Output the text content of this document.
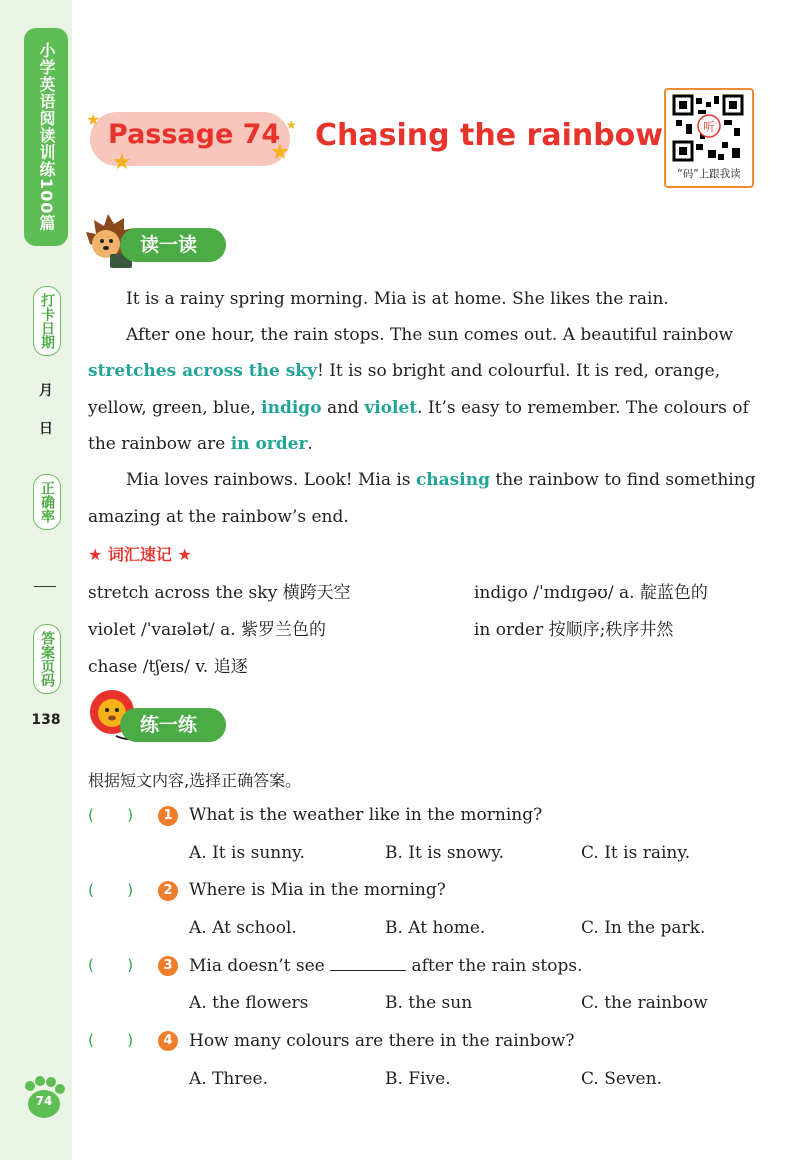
小学英语阅读训练100篇
打卡日期
月
日
正确率
答案页码
138
★
★	★
★
Passage 74 Chasing the rainbow	听
“码”上跟我读
读一读
It is a rainy spring morning. Mia is at home. She likes the rain.
After one hour, the rain stops. The sun comes out. A beautiful rainbow
stretches across the sky! It is so bright and colourful. It is red, orange,
yellow, green, blue, indigo and violet. It’s easy to remember. The colours of
the rainbow are in order.
Mia loves rainbows. Look! Mia is chasing the rainbow to find something
amazing at the rainbow’s end.
★ 词汇速记 ★
stretch across the sky 横跨天空	indigo /ˈɪndɪɡəʊ/ a. 靛蓝色的
violet /ˈvaɪələt/ a. 紫罗兰色的	in order 按顺序;秩序井然
chase /tʃeɪs/ v. 追逐
练一练
根据短文内容,选择正确答案。
(       )	1 What is the weather like in the morning?
A. It is sunny.	B. It is snowy.	C. It is rainy.
(       )	2 Where is Mia in the morning?
A. At school.	B. At home.	C. In the park.
(       )	3 Mia doesn’t see	after the rain stops.
A. the flowers	B. the sun	C. the rainbow
(       )	4 How many colours are there in the rainbow?
A. Three.	B. Five.	C. Seven.
74
